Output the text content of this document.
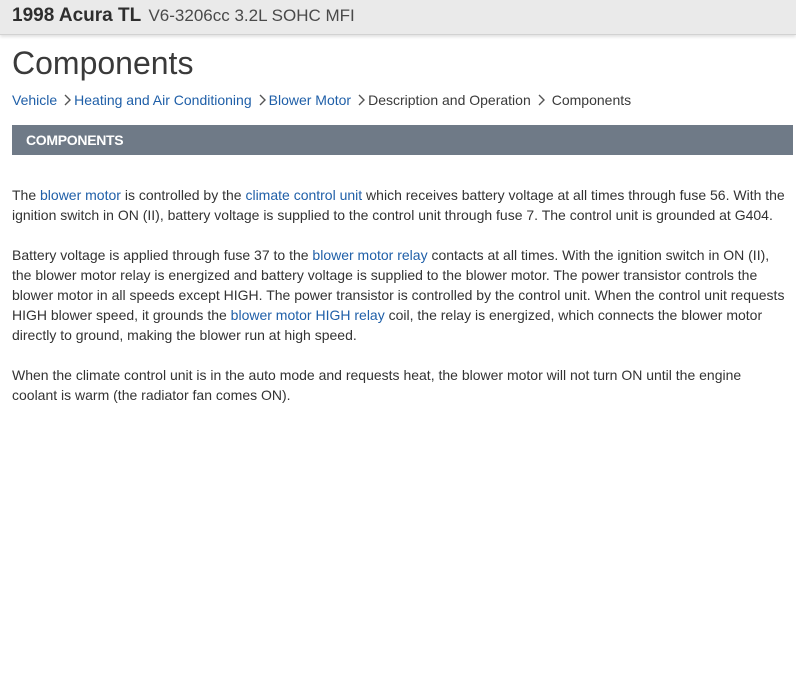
1998 Acura TL V6-3206cc 3.2L SOHC MFI
Components
Vehicle Heating and Air Conditioning Blower Motor Description and Operation Components
COMPONENTS

The blower motor is controlled by the climate control unit which receives battery voltage at all times through fuse 56. With the ignition switch in ON (II), battery voltage is supplied to the control unit through fuse 7. The control unit is grounded at G404.

Battery voltage is applied through fuse 37 to the blower motor relay contacts at all times. With the ignition switch in ON (II), the blower motor relay is energized and battery voltage is supplied to the blower motor. The power transistor controls the blower motor in all speeds except HIGH. The power transistor is controlled by the control unit. When the control unit requests HIGH blower speed, it grounds the blower motor HIGH relay coil, the relay is energized, which connects the blower motor directly to ground, making the blower run at high speed.

When the climate control unit is in the auto mode and requests heat, the blower motor will not turn ON until the engine coolant is warm (the radiator fan comes ON).
